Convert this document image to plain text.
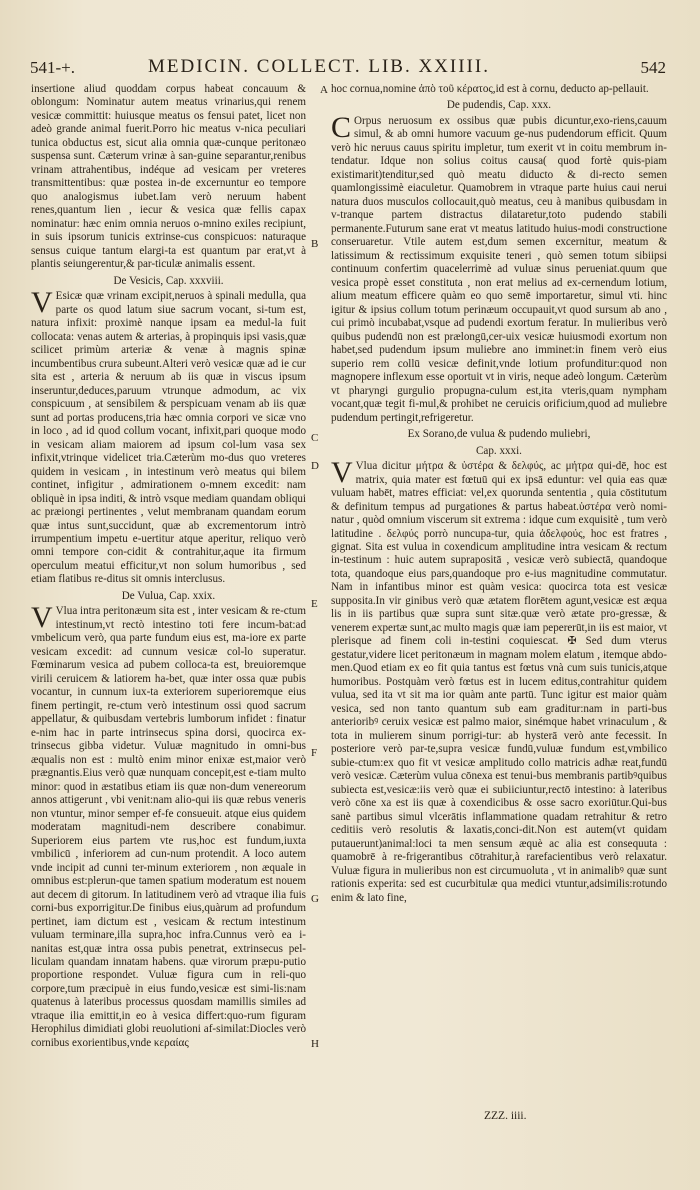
541-+.	MEDICIN. COLLECT. LIB. XXIIII.	542

insertione aliud quoddam corpus habeat concauum & oblongum: Nominatur autem meatus vrinarius,qui renem vesicæ committit: huiusque meatus os fensui patet, licet non adeò grande animal fuerit.Porro hic meatus v-nica peculiari tunica obductus est, sicut alia omnia quæ-cunque peritonæo suspensa sunt. Cæterum vrinæ à san-guine separantur,renibus vrinam attrahentibus, indéque ad vesicam per vreteres transmittentibus: quæ postea in-de excernuntur eo tempore quo analogismus iubet.Iam verò neruum habent renes,quantum lien , iecur & vesica quæ fellis capax nominatur: hæc enim omnia neruos o-mnino exiles recipiunt, in suis ipsorum tunicis extrinse-cus conspicuos: naturaque sensus cuique tantum elargi-ta est quantum par erat,vt à plantis seiungerentur,& par-ticulæ animalis essent.

De Vesicis, Cap. xxxviii.

V Esicæ quæ vrinam excipit,neruos à spinali medulla, qua parte os quod latum siue sacrum vocant, si-tum est, natura infixit: proximè nanque ipsam ea medul-la fuit collocata: venas autem & arterias, à propinquis ipsi vasis,quæ scilicet primùm arteriæ & venæ à magnis spinæ incumbentibus crura subeunt.Alteri verò vesicæ quæ ad ie cur sita est , arteria & neruum ab iis quæ in viscus ipsum inseruntur,deduces,paruum vtrunque admodum, ac vix conspicuum , at sensibilem & perspicuam venam ab iis quæ sunt ad portas producens,tria hæc omnia corpori ve sicæ vno in loco , ad id quod collum vocant, infixit,pari quoque modo in vesicam aliam maiorem ad ipsum col-lum vasa sex infixit,vtrinque videlicet tria.Cæterùm mo-dus quo vreteres quidem in vesicam , in intestinum verò meatus qui bilem continet, infigitur , admirationem o-mnem excedit: nam obliquè in ipsa inditi, & intrò vsque mediam quandam obliqui ac præiongi pertinentes , velut membranam quandam eorum quæ intus sunt,succidunt, quæ ab excrementorum intrò irrumpentium impetu e-uertitur atque aperitur, reliquo verò omni tempore con-cidit & contrahitur,aque ita firmum operculum meatui efficitur,vt non solum humoribus , sed etiam flatibus re-ditus sit omnis interclusus.

De Vulua, Cap. xxix.

V Vlua intra peritonæum sita est , inter vesicam & re-ctum intestinum,vt rectò intestino toti fere incum-bat:ad vmbelicum verò, qua parte fundum eius est, ma-iore ex parte vesicam excedit: ad cunnum vesicæ col-lo superatur. Fœminarum vesica ad pubem colloca-ta est, breuioremque virili ceruicem & latiorem ha-bet, quæ inter ossa quæ pubis vocantur, in cunnum iux-ta exteriorem superioremque eius finem pertingit, re-ctum verò intestinum ossi quod sacrum appellatur, & quibusdam vertebris lumborum infidet : finatur e-nim hac in parte intrinsecus spina dorsi, quocirca ex-trinsecus gibba videtur. Vuluæ magnitudo in omni-bus æqualis non est : multò enim minor enixæ est,maior verò prægnantis.Eius verò quæ nunquam concepit,est e-tiam multo minor: quod in æstatibus etiam iis quæ non-dum venereorum annos attigerunt , vbi venit:nam alio-qui iis quæ rebus veneris non vtuntur, minor semper ef-fe consueuit. atque eius quidem moderatam magnitudi-nem describere conabimur. Superiorem eius partem vte rus,hoc est fundum,iuxta vmbilicū , inferiorem ad cun-num protendit. A loco autem vnde incipit ad cunni ter-minum exteriorem , non æquale in omnibus est:plerun-que tamen spatium moderatum est nouem aut decem di gitorum. In latitudinem verò ad vtraque ilia fuis corni-bus exporrigitur.De finibus eius,quàrum ad profundum pertinet, iam dictum est , vesicam & rectum intestinum vuluam terminare,illa supra,hoc infra.Cunnus verò ea i-nanitas est,quæ intra ossa pubis penetrat, extrinsecus pel-liculam quandam innatam habens. quæ virorum præpu-putio proportione respondet. Vuluæ figura cum in reli-quo corpore,tum præcipuè in eius fundo,vesicæ est simi-lis:nam quatenus à lateribus processus quosdam mamillis similes ad vtraque ilia emittit,in eo à vesica differt:quo-rum figuram Herophilus dimidiati globi reuolutioni af-similat:Diocles verò cornibus exorientibus,vnde κεραίας

A
B
C
D
E
F
G
H

hoc cornua,nomine ἀπὸ τοῦ κέρατος,id est à cornu, deducto ap-pellauit.

De pudendis, Cap. xxx.

C Orpus neruosum ex ossibus quæ pubis dicuntur,exo-riens,cauum simul, & ab omni humore vacuum ge-nus pudendorum efficit. Quum verò hic neruus cauus spiritu impletur, tum exerit vt in coitu membrum in-tendatur. Idque non solius coitus causa( quod fortè quis-piam existimarit)tenditur,sed quò meatu diducto & di-recto semen quamlongissimè eiaculetur. Quamobrem in vtraque parte huius caui nerui natura duos musculos collocauit,quò meatus, ceu à manibus quibusdam in v-tranque partem distractus dilataretur,toto pudendo stabili permanente.Futurum sane erat vt meatus latitudo huius-modi constructione conseruaretur. Vtile autem est,dum semen excernitur, meatum & latissimum & rectissimum exquisite teneri , quò semen totum sibiipsi continuum confertim quacelerrimè ad vuluæ sinus perueniat.quum que vesica propè esset constituta , non erat melius ad ex-cernendum lotium, alium meatum efficere quàm eo quo semē importaretur, simul vti. hinc igitur & ipsius collum totum perinæum occupauit,vt quod sursum ab ano , cui primò incubabat,vsque ad pudendi exortum feratur. In mulieribus verò quibus pudendū non est prælongū,cer-uix vesicæ huiusmodi exortum non habet,sed pudendum ipsum muliebre ano imminet:in finem verò eius superio rem collū vesicæ definit,vnde lotium profunditur:quod non magnopere inflexum esse oportuit vt in viris, neque adeò longum. Cæterùm vt pharyngi gurgulio propugna-culum est,ita vteris,quam nympham vocant,quæ tegit fi-mul,& prohibet ne ceruicis orificium,quod ad muliebre pudendum pertingit,refrigeretur.

Ex Sorano,de vulua & pudendo muliebri,
Cap. xxxi.

V Vlua dicitur μήτρα & ὑστέρα & δελφύς, ac μήτρα qui-dē, hoc est matrix, quia mater est fœtuū qui ex ipsā eduntur: vel quia eas quæ vuluam habēt, matres efficiat: vel,ex quorunda sententia , quia cōstitutum & definitum tempus ad purgationes & partus habeat.ὑστέρα verò nomi-natur , quòd omnium viscerum sit extrema : idque cum exquisitè , tum verò latitudine . δελφύς porrò nuncupa-tur, quia ἀδελφούς, hoc est fratres , gignat. Sita est vulua in coxendicum amplitudine intra vesicam & rectum in-testinum : huic autem suprapositā , vesicæ verò subiectā, quandoque tota, quandoque eius pars,quandoque pro e-ius magnitudine commutatur. Nam in infantibus minor est quàm vesica: quocirca tota est vesicæ supposita.In vir ginibus verò quæ ætatem florētem agunt,vesicæ est æqua lis in iis partibus quæ supra sunt sitæ.quæ verò ætate pro-gressæ, & venerem expertæ sunt,ac multo magis quæ iam pepererūt,in iis est maior, vt plerisque ad finem coli in-testini coquiescat. ✠ Sed dum vterus gestatur,videre licet peritonæum in magnam molem elatum , itemque abdo-men.Quod etiam ex eo fit quia tantus est fœtus vnà cum suis tunicis,atque humoribus. Postquàm verò fœtus est in lucem editus,contrahitur quidem vulua, sed ita vt sit ma ior quàm ante partū. Tunc igitur est maior quàm vesica, sed non tanto quantum sub eam graditur:nam in parti-bus anterioribꝰ ceruix vesicæ est palmo maior, sinémque habet vrinaculum , & tota in mulierem sinum porrigi-tur: ab hysterā verò ante fecessit. In posteriore verò par-te,supra vesicæ fundū,vuluæ fundum est,vmbilico subie-ctum:ex quo fit vt vesicæ amplitudo collo matricis adhæ reat,fundū verò vesicæ. Cæterùm vulua cōnexa est tenui-bus membranis partibꝰquibus subiecta est,vesicæ:iis verò quæ ei subiiciuntur,rectō intestino: à lateribus verò cōne xa est iis quæ à coxendicibus & osse sacro exoriūtur.Qui-bus sanè partibus simul vlcerātis inflammatione quadam retrahitur & retro ceditiis verò resolutis & laxatis,conci-dit.Non est autem(vt quidam putauerunt)animal:loci ta men sensum æquè ac alia est consequuta : quamobrē à re-frigerantibus cōtrahitur,à rarefacientibus verò relaxatur. Vuluæ figura in mulieribus non est circumuoluta , vt in animalibꝰ quæ sunt rationis experita: sed est cucurbitulæ qua medici vtuntur,adsimilis:rotundo enim & lato fine,

ZZZ. iiii.
